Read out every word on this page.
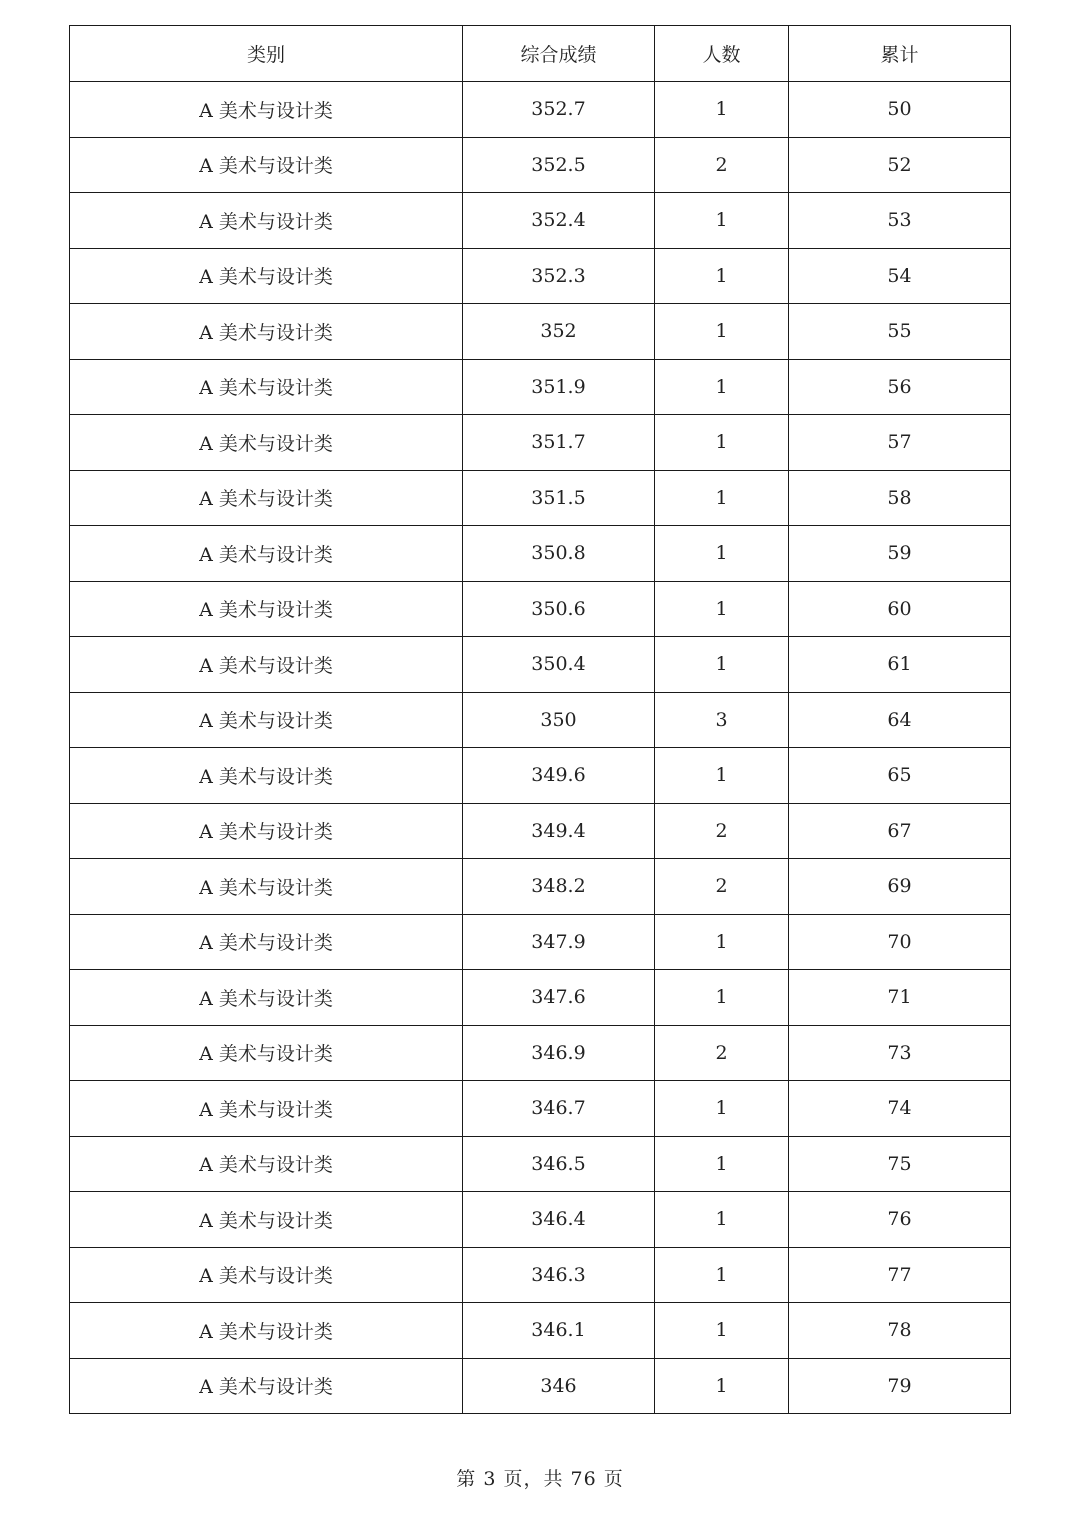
类别	综合成绩	人数	累计
A 美术与设计类	352.7	1	50
A 美术与设计类	352.5	2	52
A 美术与设计类	352.4	1	53
A 美术与设计类	352.3	1	54
A 美术与设计类	352	1	55
A 美术与设计类	351.9	1	56
A 美术与设计类	351.7	1	57
A 美术与设计类	351.5	1	58
A 美术与设计类	350.8	1	59
A 美术与设计类	350.6	1	60
A 美术与设计类	350.4	1	61
A 美术与设计类	350	3	64
A 美术与设计类	349.6	1	65
A 美术与设计类	349.4	2	67
A 美术与设计类	348.2	2	69
A 美术与设计类	347.9	1	70
A 美术与设计类	347.6	1	71
A 美术与设计类	346.9	2	73
A 美术与设计类	346.7	1	74
A 美术与设计类	346.5	1	75
A 美术与设计类	346.4	1	76
A 美术与设计类	346.3	1	77
A 美术与设计类	346.1	1	78
A 美术与设计类	346	1	79
第 3 页，共 76 页
